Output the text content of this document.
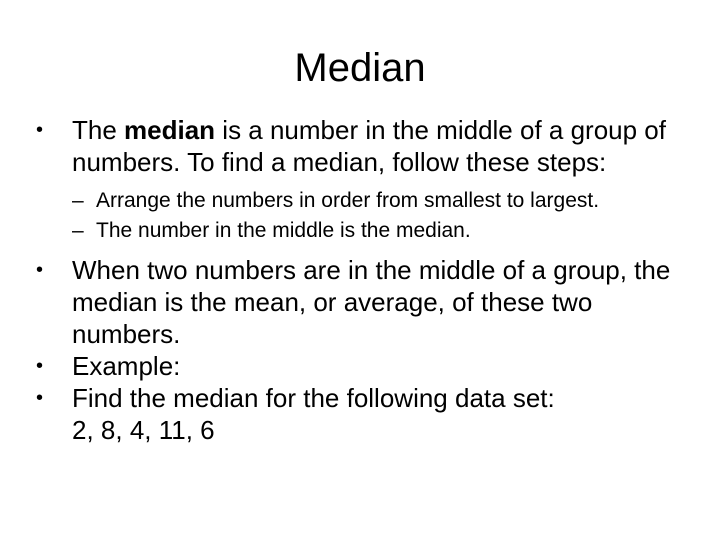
Median

•	The median is a number in the middle of a group of numbers. To find a median, follow these steps:

– Arrange the numbers in order from smallest to largest.

– The number in the middle is the median.

•	When two numbers are in the middle of a group, the median is the mean, or average, of these two numbers.

•	Example:

•	Find the median for the following data set:
2, 8, 4, 11, 6
